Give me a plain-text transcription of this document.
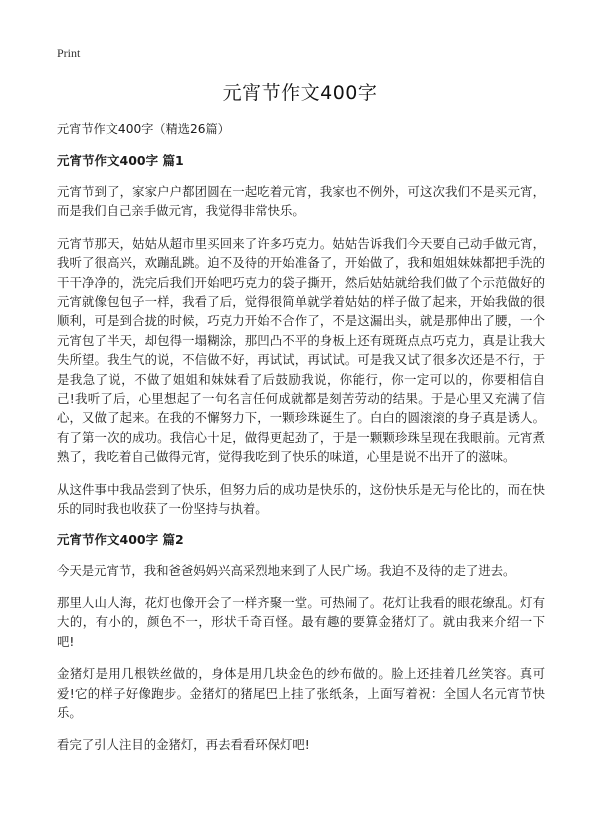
Print
元宵节作文400字
元宵节作文400字（精选26篇）
元宵节作文400字 篇1

元宵节到了，家家户户都团圆在一起吃着元宵，我家也不例外，可这次我们不是买元宵，而是我们自己亲手做元宵，我觉得非常快乐。

元宵节那天，姑姑从超市里买回来了许多巧克力。姑姑告诉我们今天要自己动手做元宵，我听了很高兴，欢蹦乱跳。迫不及待的开始准备了，开始做了，我和姐姐妹妹都把手洗的干干净净的，洗完后我们开始吧巧克力的袋子撕开，然后姑姑就给我们做了个示范做好的元宵就像包包子一样，我看了后，觉得很简单就学着姑姑的样子做了起来，开始我做的很顺利，可是到合拢的时候，巧克力开始不合作了，不是这漏出头，就是那伸出了腰，一个元宵包了半天，却包得一塌糊涂，那凹凸不平的身板上还有斑斑点点巧克力，真是让我大失所望。我生气的说，不信做不好，再试试，再试试。可是我又试了很多次还是不行，于是我急了说，不做了姐姐和妹妹看了后鼓励我说，你能行，你一定可以的，你要相信自己!我听了后，心里想起了一句名言任何成就都是刻苦劳动的结果。于是心里又充满了信心，又做了起来。在我的不懈努力下，一颗珍珠诞生了。白白的圆滚滚的身子真是诱人。有了第一次的成功。我信心十足，做得更起劲了，于是一颗颗珍珠呈现在我眼前。元宵煮熟了，我吃着自己做得元宵，觉得我吃到了快乐的味道，心里是说不出开了的滋味。

从这件事中我品尝到了快乐，但努力后的成功是快乐的，这份快乐是无与伦比的，而在快乐的同时我也收获了一份坚持与执着。

元宵节作文400字 篇2

今天是元宵节，我和爸爸妈妈兴高采烈地来到了人民广场。我迫不及待的走了进去。

那里人山人海，花灯也像开会了一样齐聚一堂。可热闹了。花灯让我看的眼花缭乱。灯有大的，有小的，颜色不一，形状千奇百怪。最有趣的要算金猪灯了。就由我来介绍一下吧!

金猪灯是用几根铁丝做的，身体是用几块金色的纱布做的。脸上还挂着几丝笑容。真可爱!它的样子好像跑步。金猪灯的猪尾巴上挂了张纸条，上面写着祝：全国人名元宵节快乐。

看完了引人注目的金猪灯，再去看看环保灯吧!
